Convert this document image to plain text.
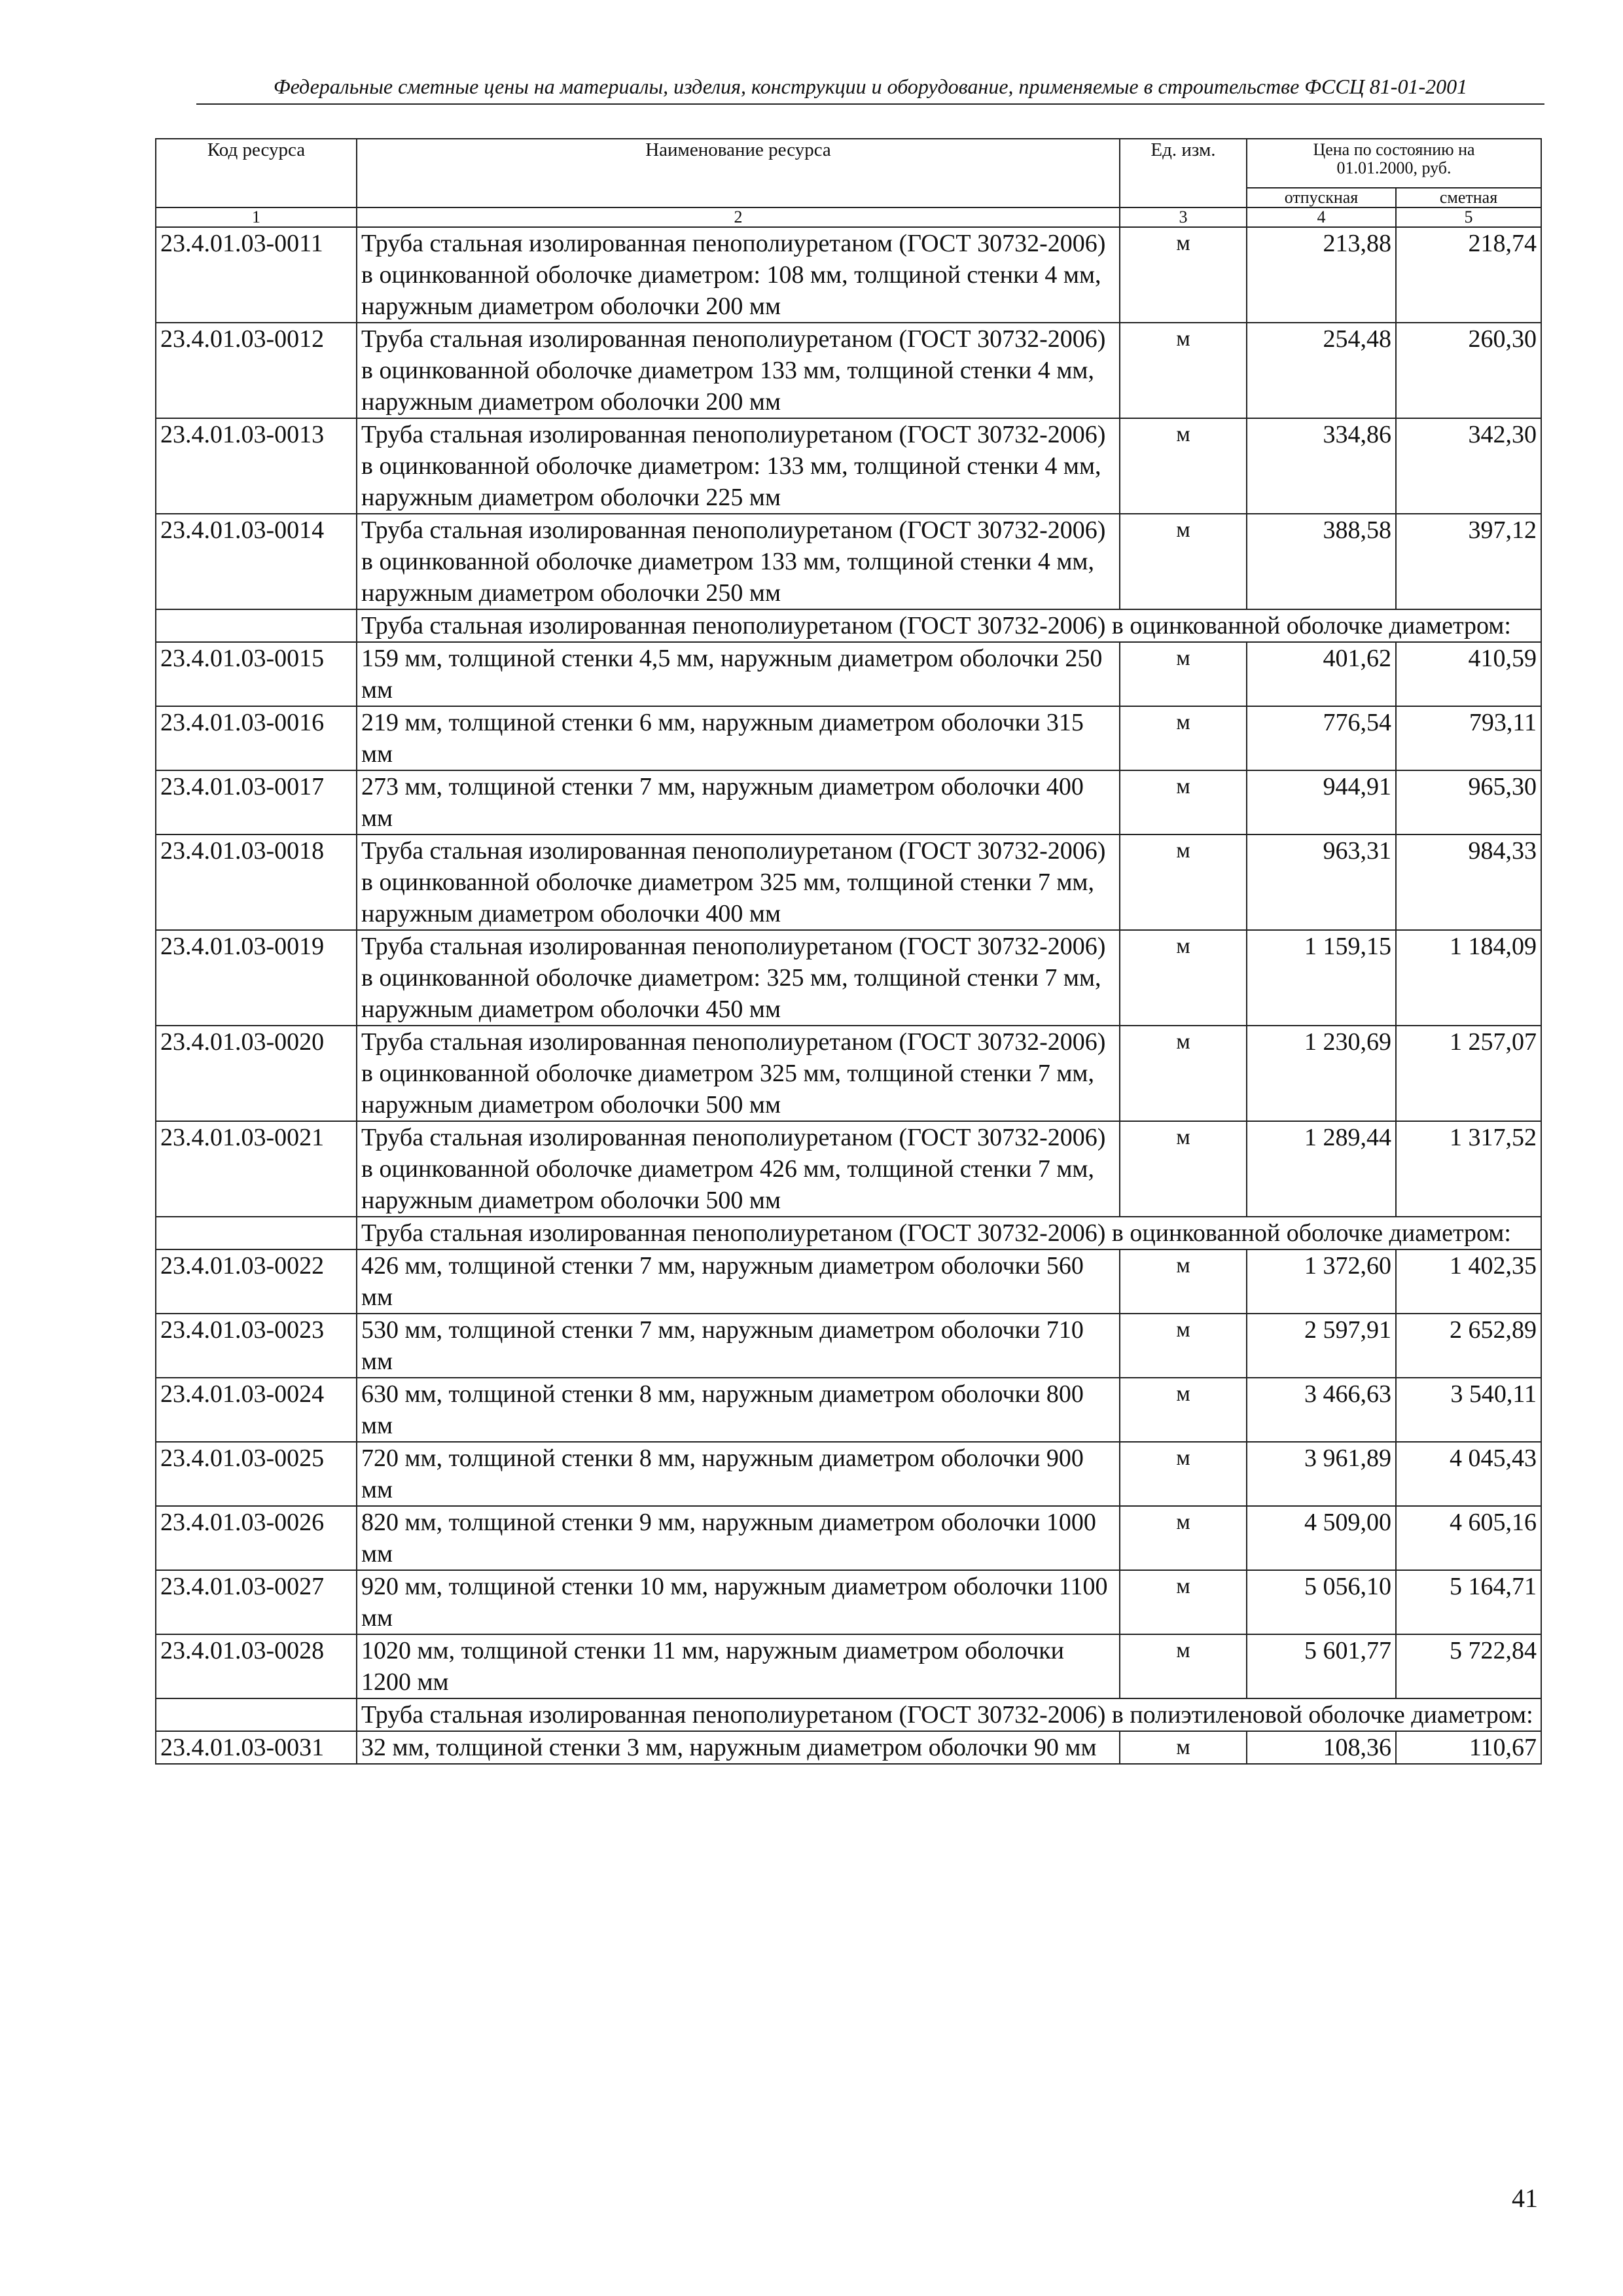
Федеральные сметные цены на материалы, изделия, конструкции и оборудование, применяемые в строительстве ФССЦ 81-01-2001
Код ресурса	Наименование ресурса	Ед. изм.	Цена по состоянию на 01.01.2000, руб.	
			отпускная	сметная
1	2	3	4	5
23.4.01.03-0011	Труба стальная изолированная пенополиуретаном (ГОСТ 30732-2006) в оцинкованной оболочке диаметром: 108 мм, толщиной стенки 4 мм, наружным диаметром оболочки 200 мм	м	213,88	218,74
23.4.01.03-0012	Труба стальная изолированная пенополиуретаном (ГОСТ 30732-2006) в оцинкованной оболочке диаметром 133 мм, толщиной стенки 4 мм, наружным диаметром оболочки 200 мм	м	254,48	260,30
23.4.01.03-0013	Труба стальная изолированная пенополиуретаном (ГОСТ 30732-2006) в оцинкованной оболочке диаметром: 133 мм, толщиной стенки 4 мм, наружным диаметром оболочки 225 мм	м	334,86	342,30
23.4.01.03-0014	Труба стальная изолированная пенополиуретаном (ГОСТ 30732-2006) в оцинкованной оболочке диаметром 133 мм, толщиной стенки 4 мм, наружным диаметром оболочки 250 мм	м	388,58	397,12
	Труба стальная изолированная пенополиуретаном (ГОСТ 30732-2006) в оцинкованной оболочке диаметром:			
23.4.01.03-0015	159 мм, толщиной стенки 4,5 мм, наружным диаметром оболочки 250 мм	м	401,62	410,59
23.4.01.03-0016	219 мм, толщиной стенки 6 мм, наружным диаметром оболочки 315 мм	м	776,54	793,11
23.4.01.03-0017	273 мм, толщиной стенки 7 мм, наружным диаметром оболочки 400 мм	м	944,91	965,30
23.4.01.03-0018	Труба стальная изолированная пенополиуретаном (ГОСТ 30732-2006) в оцинкованной оболочке диаметром 325 мм, толщиной стенки 7 мм, наружным диаметром оболочки 400 мм	м	963,31	984,33
23.4.01.03-0019	Труба стальная изолированная пенополиуретаном (ГОСТ 30732-2006) в оцинкованной оболочке диаметром: 325 мм, толщиной стенки 7 мм, наружным диаметром оболочки 450 мм	м	1 159,15	1 184,09
23.4.01.03-0020	Труба стальная изолированная пенополиуретаном (ГОСТ 30732-2006) в оцинкованной оболочке диаметром 325 мм, толщиной стенки 7 мм, наружным диаметром оболочки 500 мм	м	1 230,69	1 257,07
23.4.01.03-0021	Труба стальная изолированная пенополиуретаном (ГОСТ 30732-2006) в оцинкованной оболочке диаметром 426 мм, толщиной стенки 7 мм, наружным диаметром оболочки 500 мм	м	1 289,44	1 317,52
	Труба стальная изолированная пенополиуретаном (ГОСТ 30732-2006) в оцинкованной оболочке диаметром:			
23.4.01.03-0022	426 мм, толщиной стенки 7 мм, наружным диаметром оболочки 560 мм	м	1 372,60	1 402,35
23.4.01.03-0023	530 мм, толщиной стенки 7 мм, наружным диаметром оболочки 710 мм	м	2 597,91	2 652,89
23.4.01.03-0024	630 мм, толщиной стенки 8 мм, наружным диаметром оболочки 800 мм	м	3 466,63	3 540,11
23.4.01.03-0025	720 мм, толщиной стенки 8 мм, наружным диаметром оболочки 900 мм	м	3 961,89	4 045,43
23.4.01.03-0026	820 мм, толщиной стенки 9 мм, наружным диаметром оболочки 1000 мм	м	4 509,00	4 605,16
23.4.01.03-0027	920 мм, толщиной стенки 10 мм, наружным диаметром оболочки 1100 мм	м	5 056,10	5 164,71
23.4.01.03-0028	1020 мм, толщиной стенки 11 мм, наружным диаметром оболочки 1200 мм	м	5 601,77	5 722,84
	Труба стальная изолированная пенополиуретаном (ГОСТ 30732-2006) в полиэтиленовой оболочке диаметром:			
23.4.01.03-0031	32 мм, толщиной стенки 3 мм, наружным диаметром оболочки 90 мм	м	108,36	110,67
41
